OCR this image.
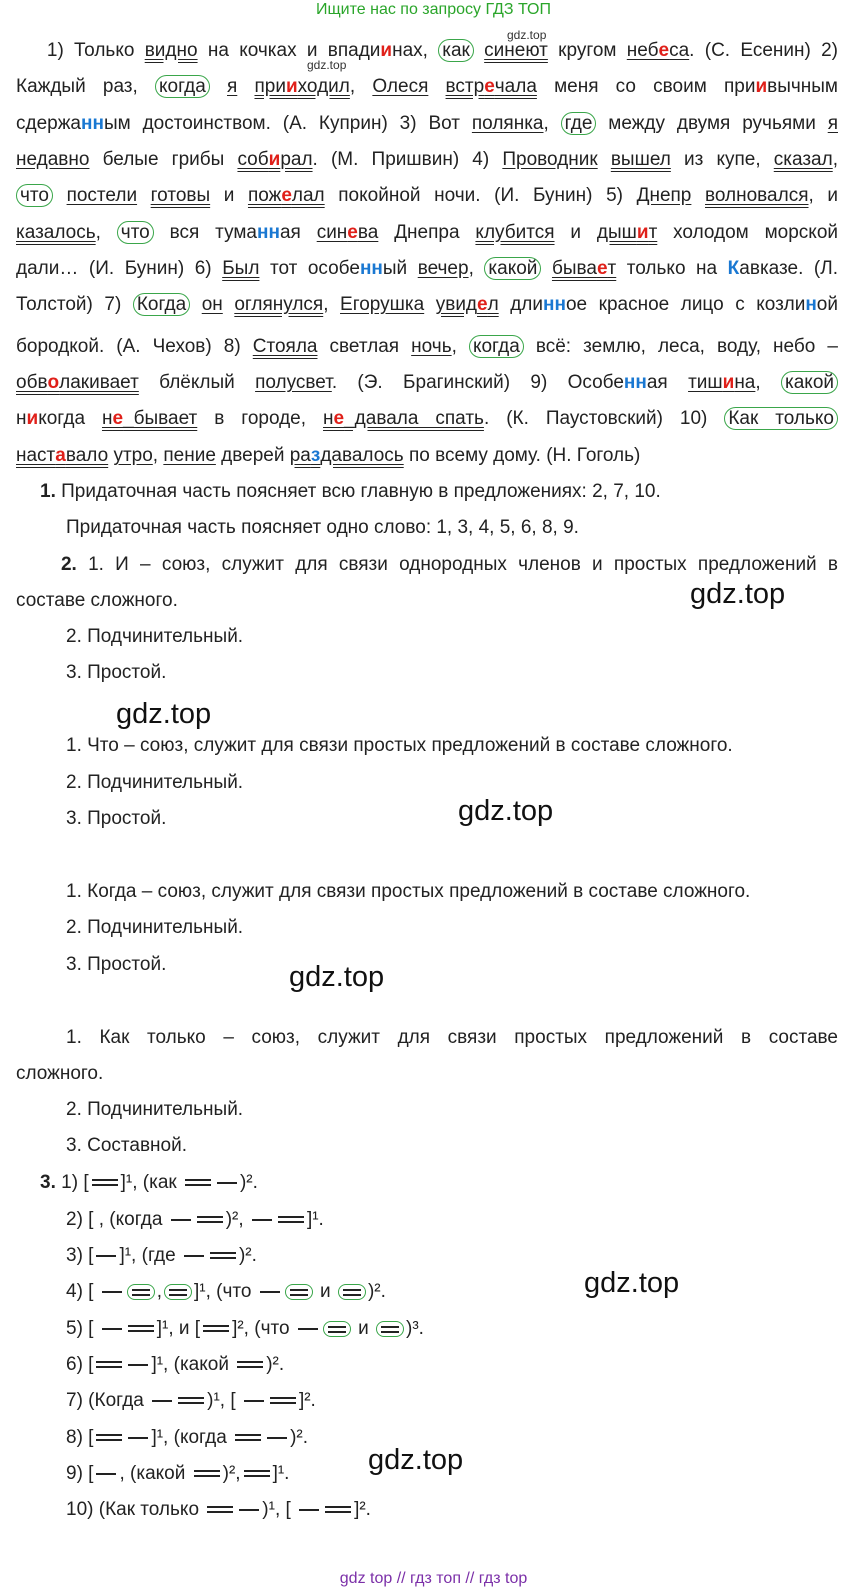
Ищите нас по запросу ГДЗ ТОП
gdz.top
gdz.top
1) Только видно на кочках и впадиинах, как синеют кругом небеса. (С. Есенин) 2)
Каждый раз, когда я прииходил, Олеся встречала меня со своим приивычным
сдержанным достоинством. (А. Куприн) 3) Вот полянка, где между двумя ручьями я
недавно белые грибы собирал. (М. Пришвин) 4) Проводник вышел из купе, сказал,
что постели готовы и пожелал покойной ночи. (И. Бунин) 5) Днепр волновался, и
казалось, что вся туманная синева Днепра клубится и дышит холодом морской
дали… (И. Бунин) 6) Был тот особенный вечер, какой бывает только на Кавказе. (Л.
Толстой) 7) Когда он оглянулся, Егорушка увидел длинное красное лицо с козлиной
бородкой. (А. Чехов) 8) Стояла светлая ночь, когда всё: землю, леса, воду, небо –
обволакивает блёклый полусвет. (Э. Брагинский) 9) Особенная тишина, какой
никогда не_бывает в городе, не_давала спать. (К. Паустовский) 10) Как только
наставало утро, пение дверей раздавалось по всему дому. (Н. Гоголь)
1. Придаточная часть поясняет всю главную в предложениях: 2, 7, 10.
Придаточная часть поясняет одно слово: 1, 3, 4, 5, 6, 8, 9.
2. 1. И – союз, служит для связи однородных членов и простых предложений в
составе сложного.	gdz.top
2. Подчинительный.
3. Простой.
gdz.top
1. Что – союз, служит для связи простых предложений в составе сложного.
2. Подчинительный.
3. Простой.	gdz.top
1. Когда – союз, служит для связи простых предложений в составе сложного.
2. Подчинительный.
3. Простой.	gdz.top
1. Как только – союз, служит для связи простых предложений в составе
сложного.
2. Подчинительный.
3. Составной.
3. 1) [ ]¹, (как	)².
2) [ , (когда	)²,	]¹.
3) [ ]¹, (где	)².
4) [	, ]¹, (что	и )².
5) [	]¹, и [ ]², (что	и )³.
6) [	]¹, (какой )².
7) (Когда	)¹, [	]².
8) [	]¹, (когда	)².
9) [ , (какой )², ]¹.
10) (Как только	)¹, [	]².
gdz.top
gdz.top
gdz top // гдз топ // гдз top
